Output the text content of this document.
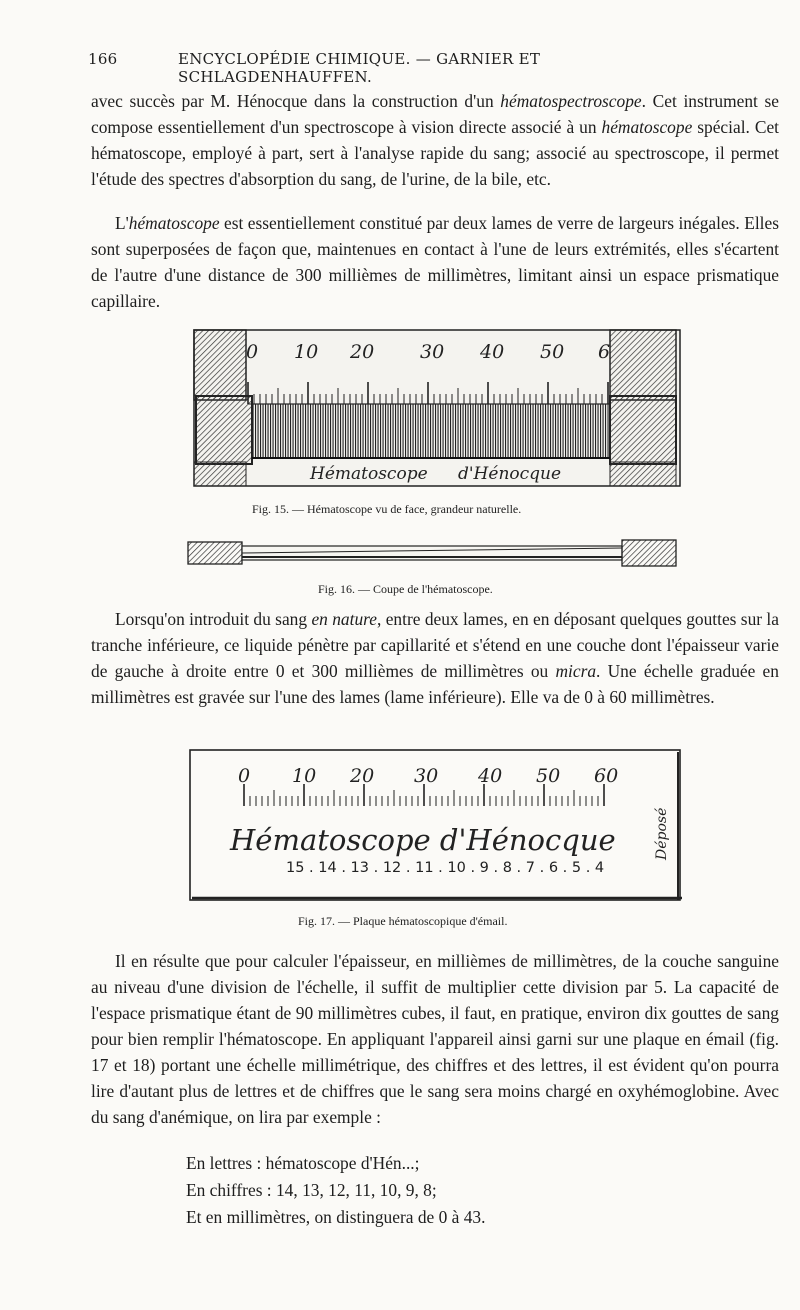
166	ENCYCLOPÉDIE CHIMIQUE. — GARNIER ET SCHLAGDENHAUFFEN.

avec succès par M. Hénocque dans la construction d'un hématospectroscope. Cet instrument se compose essentiellement d'un spectroscope à vision directe associé à un hématoscope spécial. Cet hématoscope, employé à part, sert à l'analyse rapide du sang; associé au spectroscope, il permet l'étude des spectres d'absorption du sang, de l'urine, de la bile, etc.

L'hématoscope est essentiellement constitué par deux lames de verre de largeurs inégales. Elles sont superposées de façon que, maintenues en contact à l'une de leurs extrémités, elles s'écartent de l'autre d'une distance de 300 millièmes de millimètres, limitant ainsi un espace prismatique capillaire.

0 10 20 30 40 50 6
Hématoscope d'Hénocque
Fig. 15. — Hématoscope vu de face, grandeur naturelle.
Fig. 16. — Coupe de l'hématoscope.

Lorsqu'on introduit du sang en nature, entre deux lames, en en déposant quelques gouttes sur la tranche inférieure, ce liquide pénètre par capillarité et s'étend en une couche dont l'épaisseur varie de gauche à droite entre 0 et 300 millièmes de millimètres ou micra. Une échelle graduée en millimètres est gravée sur l'une des lames (lame inférieure). Elle va de 0 à 60 millimètres.

0 10 20 30 40 50 60
Hématoscope d'Hénocque
15 . 14 . 13 . 12 . 11 . 10 . 9 . 8 . 7 . 6 . 5 . 4
Déposé
Fig. 17. — Plaque hématoscopique d'émail.

Il en résulte que pour calculer l'épaisseur, en millièmes de millimètres, de la couche sanguine au niveau d'une division de l'échelle, il suffit de multiplier cette division par 5. La capacité de l'espace prismatique étant de 90 millimètres cubes, il faut, en pratique, environ dix gouttes de sang pour bien remplir l'hématoscope. En appliquant l'appareil ainsi garni sur une plaque en émail (fig. 17 et 18) portant une échelle millimétrique, des chiffres et des lettres, il est évident qu'on pourra lire d'autant plus de lettres et de chiffres que le sang sera moins chargé en oxyhémoglobine. Avec du sang d'anémique, on lira par exemple :

En lettres : hématoscope d'Hén...;
En chiffres : 14, 13, 12, 11, 10, 9, 8;
Et en millimètres, on distinguera de 0 à 43.
